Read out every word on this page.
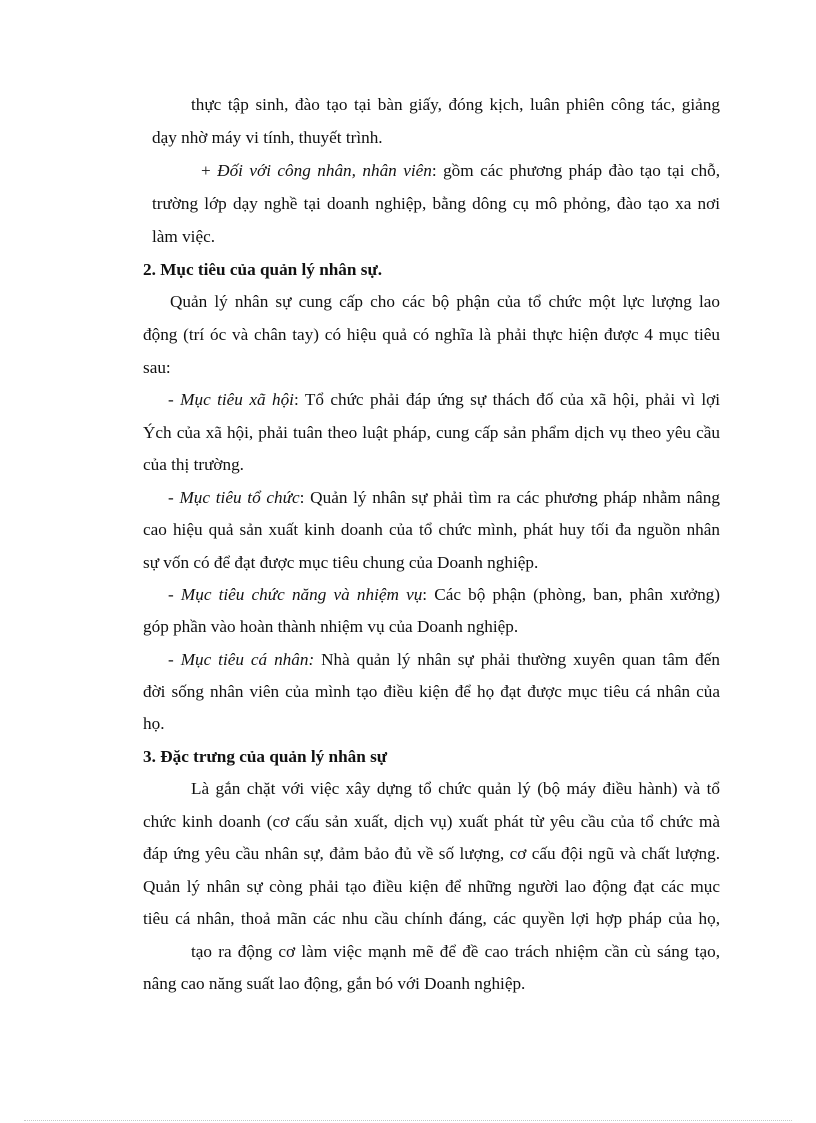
thực tập sinh, đào tạo tại bàn giấy, đóng kịch, luân phiên công tác, giảng
dạy nhờ máy vi tính, thuyết trình.
+ Đối với công nhân, nhân viên: gồm các phương pháp đào tạo tại chỗ,
trường lớp dạy nghề tại doanh nghiệp, bằng dông cụ mô phỏng, đào tạo xa nơi
làm việc.
2. Mục tiêu của quản lý nhân sự.
Quản lý nhân sự cung cấp cho các bộ phận của tổ chức một lực lượng lao
động (trí óc và chân tay) có hiệu quả có nghĩa là phải thực hiện được 4 mục tiêu
sau:
- Mục tiêu xã hội: Tổ chức phải đáp ứng sự thách đố của xã hội, phải vì lợi
Ých của xã hội, phải tuân theo luật pháp, cung cấp sản phẩm dịch vụ theo yêu cầu
của thị trường.
- Mục tiêu tổ chức: Quản lý nhân sự phải tìm ra các phương pháp nhằm nâng
cao hiệu quả sản xuất kinh doanh của tổ chức mình, phát huy tối đa nguồn nhân
sự vốn có để đạt được mục tiêu chung của Doanh nghiệp.
- Mục tiêu chức năng và nhiệm vụ: Các bộ phận (phòng, ban, phân xưởng)
góp phần vào hoàn thành nhiệm vụ của Doanh nghiệp.
- Mục tiêu cá nhân: Nhà quản lý nhân sự phải thường xuyên quan tâm đến
đời sống nhân viên của mình tạo điều kiện để họ đạt được mục tiêu cá nhân của
họ.
3. Đặc trưng của quản lý nhân sự
Là gắn chặt với việc xây dựng tổ chức quản lý (bộ máy điều hành) và tổ
chức kinh doanh (cơ cấu sản xuất, dịch vụ) xuất phát từ yêu cầu của tổ chức mà
đáp ứng yêu cầu nhân sự, đảm bảo đủ về số lượng, cơ cấu đội ngũ và chất lượng.
Quản lý nhân sự còng phải tạo điều kiện để những người lao động đạt các mục
tiêu cá nhân, thoả mãn các nhu cầu chính đáng, các quyền lợi hợp pháp của họ,
tạo ra động cơ làm việc mạnh mẽ để đề cao trách nhiệm cần cù sáng tạo,
nâng cao năng suất lao động, gắn bó với Doanh nghiệp.
